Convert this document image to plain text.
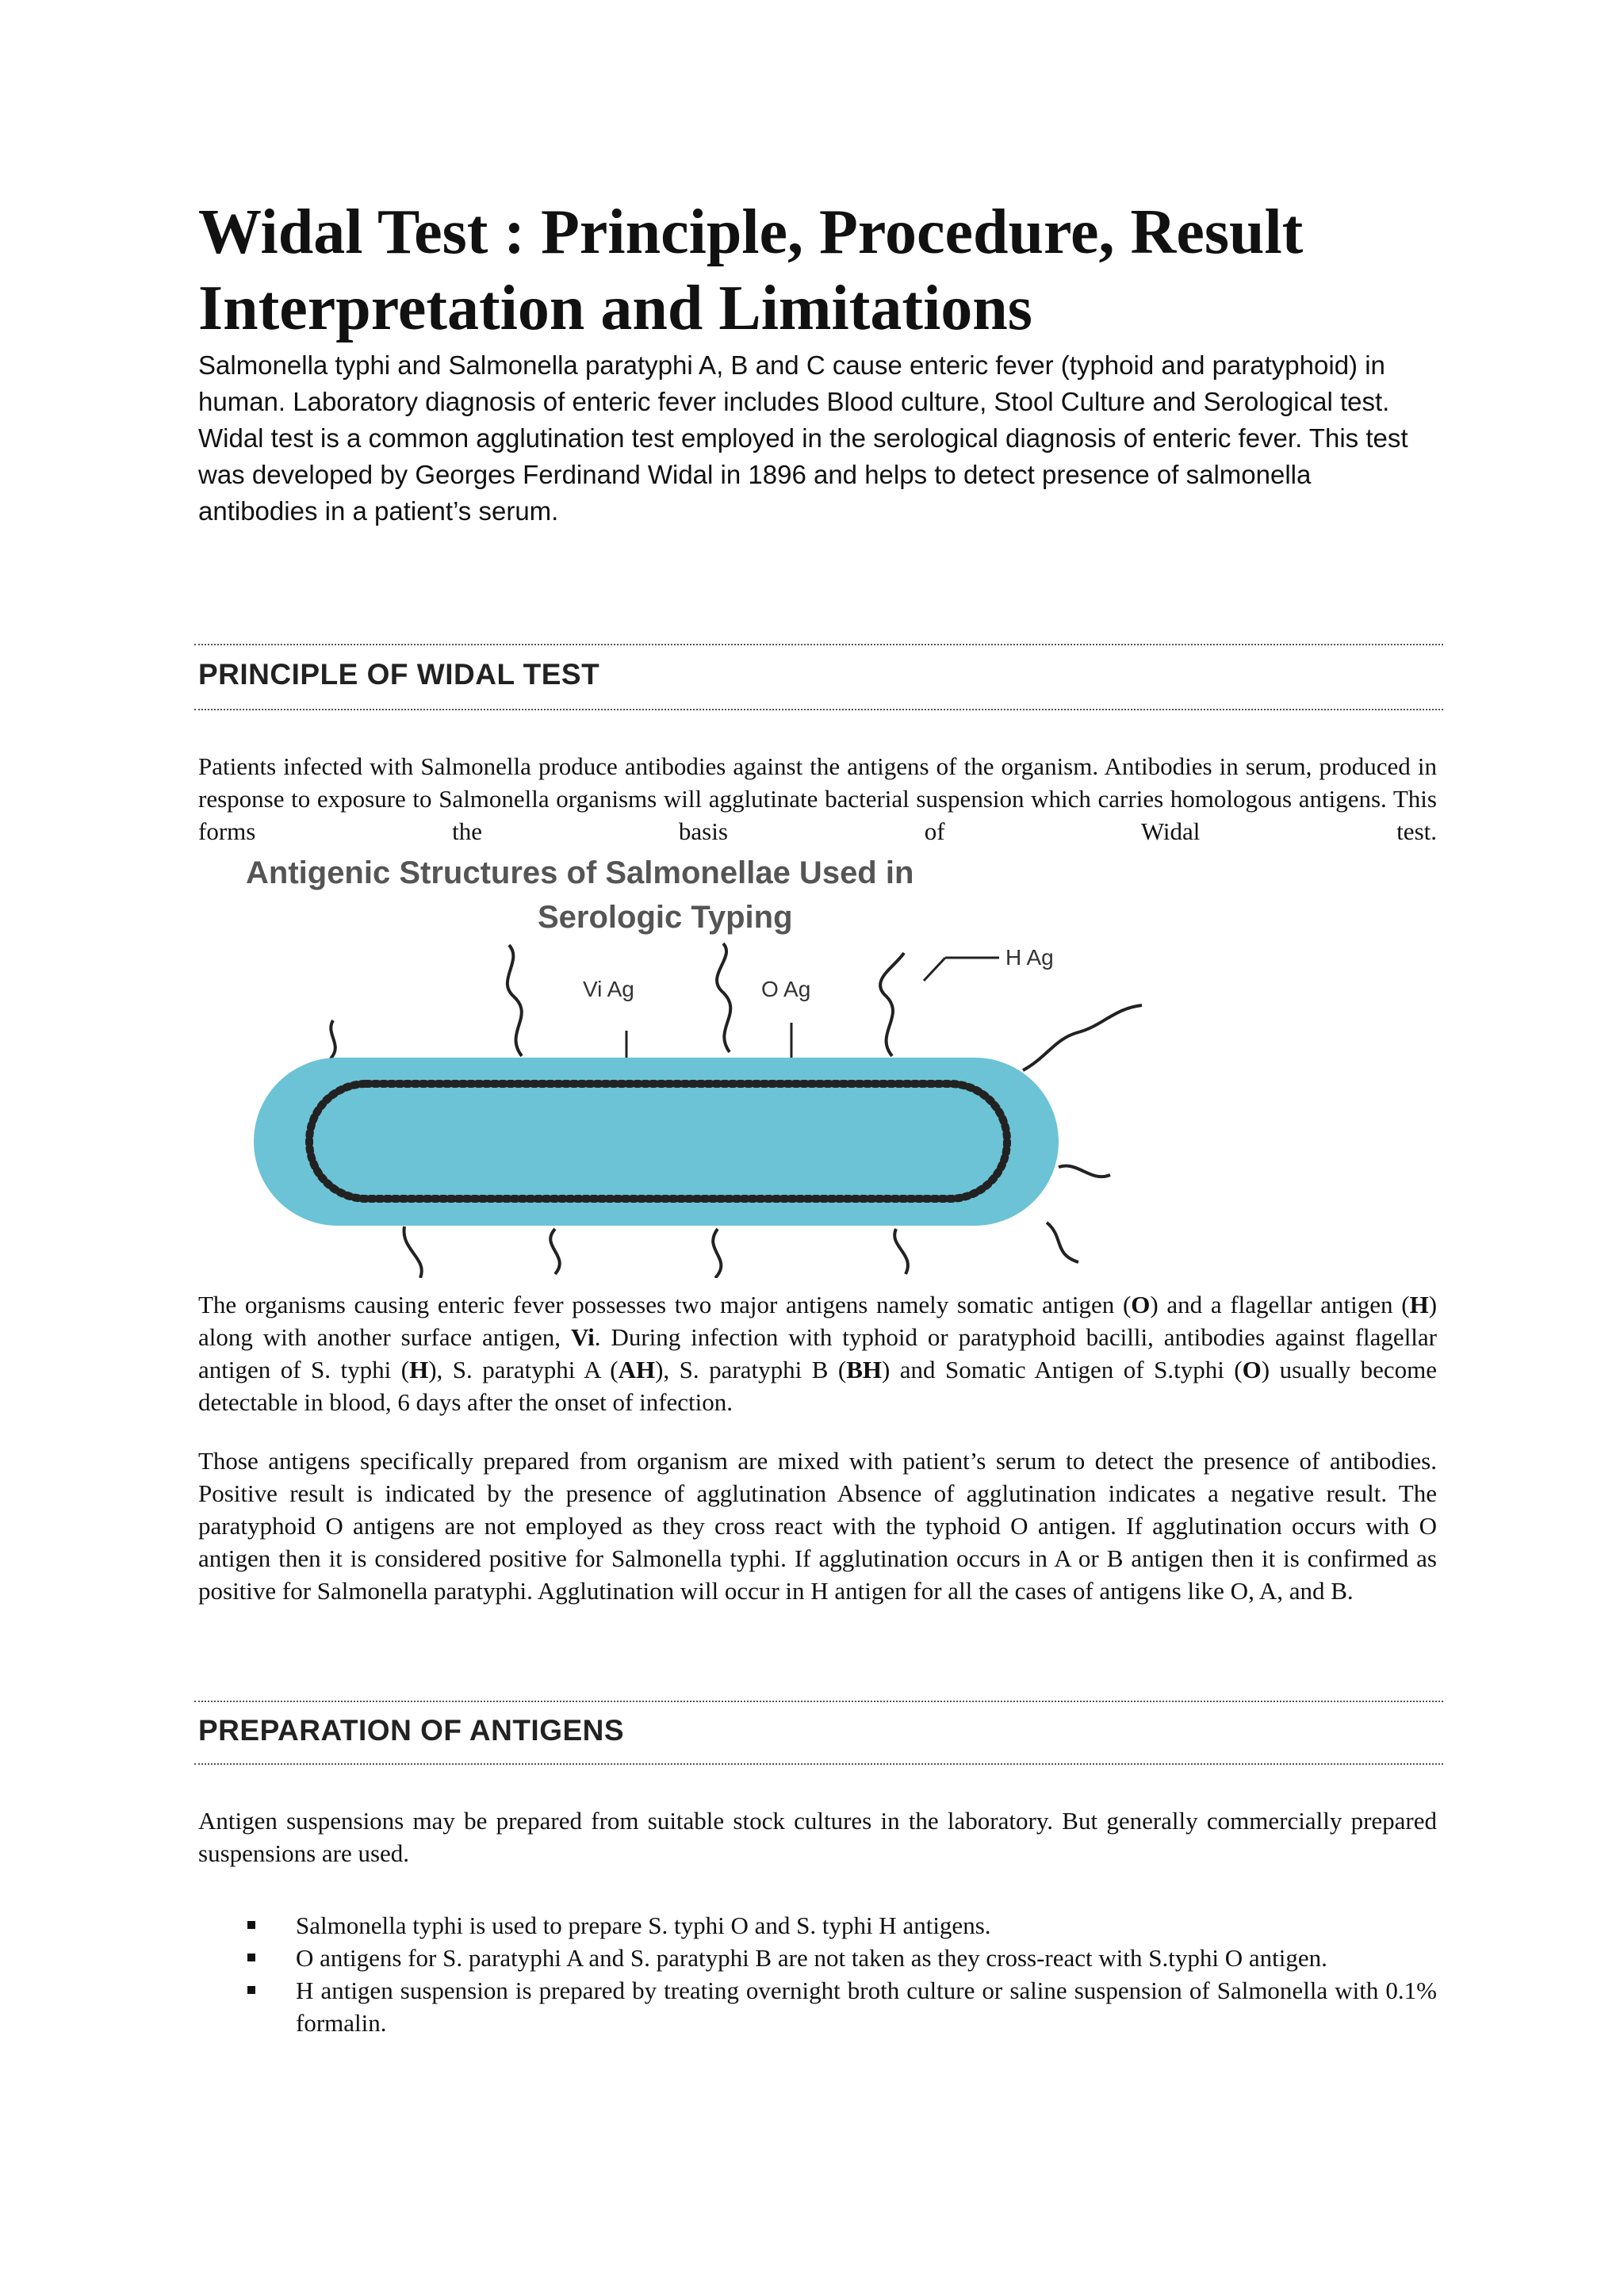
Widal Test : Principle, Procedure, Result Interpretation and Limitations

Salmonella typhi and Salmonella paratyphi A, B and C cause enteric fever (typhoid and paratyphoid) in human. Laboratory diagnosis of enteric fever includes Blood culture, Stool Culture and Serological test. Widal test is a common agglutination test employed in the serological diagnosis of enteric fever. This test was developed by Georges Ferdinand Widal in 1896 and helps to detect presence of salmonella antibodies in a patient’s serum.

PRINCIPLE OF WIDAL TEST

Patients infected with Salmonella produce antibodies against the antigens of the organism. Antibodies in serum, produced in response to exposure to Salmonella organisms will agglutinate bacterial suspension which carries homologous antigens. This forms the basis of Widal test.

Antigenic Structures of Salmonellae Used in
Serologic Typing
Vi Ag	O Ag
H Ag

The organisms causing enteric fever possesses two major antigens namely somatic antigen (O) and a flagellar antigen (H) along with another surface antigen, Vi. During infection with typhoid or paratyphoid bacilli, antibodies against flagellar antigen of S. typhi (H), S. paratyphi A (AH), S. paratyphi B (BH) and Somatic Antigen of S.typhi (O) usually become detectable in blood, 6 days after the onset of infection.

Those antigens specifically prepared from organism are mixed with patient’s serum to detect the presence of antibodies. Positive result is indicated by the presence of agglutination Absence of agglutination indicates a negative result. The paratyphoid O antigens are not employed as they cross react with the typhoid O antigen. If agglutination occurs with O antigen then it is considered positive for Salmonella typhi. If agglutination occurs in A or B antigen then it is confirmed as positive for Salmonella paratyphi. Agglutination will occur in H antigen for all the cases of antigens like O, A, and B.

PREPARATION OF ANTIGENS

Antigen suspensions may be prepared from suitable stock cultures in the laboratory. But generally commercially prepared suspensions are used.

Salmonella typhi is used to prepare S. typhi O and S. typhi H antigens.
O antigens for S. paratyphi A and S. paratyphi B are not taken as they cross-react with S.typhi O antigen.
H antigen suspension is prepared by treating overnight broth culture or saline suspension of Salmonella with 0.1% formalin.
